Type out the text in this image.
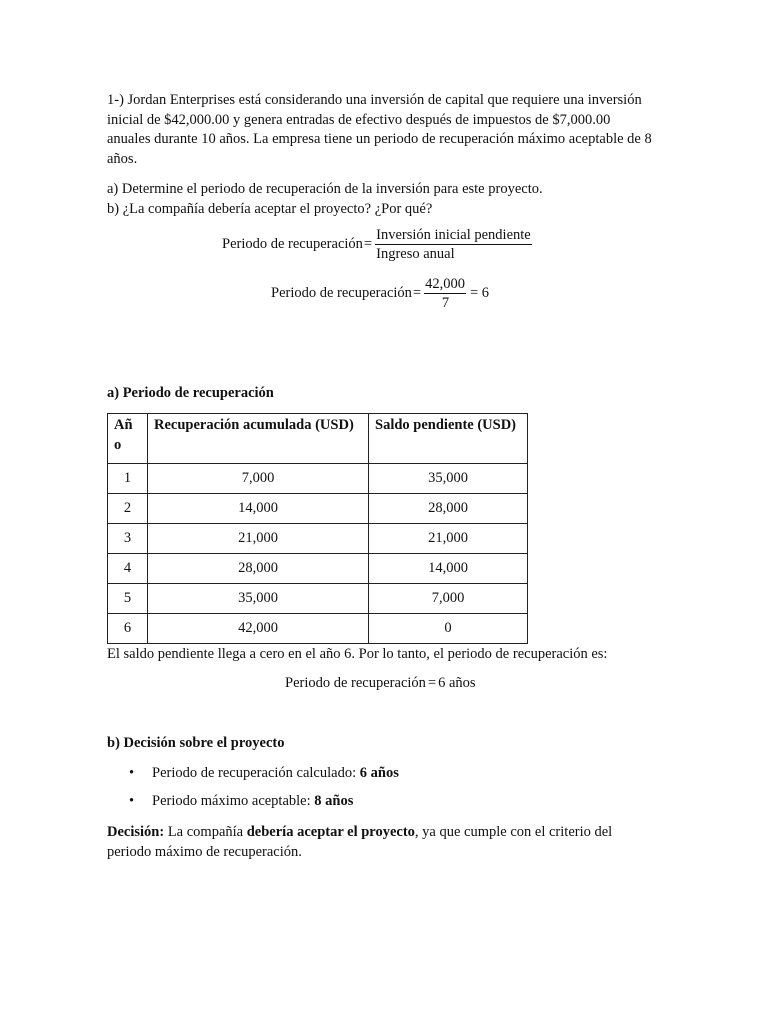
1-) Jordan Enterprises está considerando una inversión de capital que requiere una inversión inicial de $42,000.00 y genera entradas de efectivo después de impuestos de $7,000.00 anuales durante 10 años. La empresa tiene un periodo de recuperación máximo aceptable de 8 años.

a) Determine el periodo de recuperación de la inversión para este proyecto.

b) ¿La compañía debería aceptar el proyecto? ¿Por qué?

Periodo de recuperación = $\frac{\text{Inversión inicial pendiente}}{\text{Ingreso anual}}$
Periodo de recuperación = $\frac{42,000}{7} = 6$
a) Periodo de recuperación
Añ o	Recuperación acumulada (USD)	Saldo pendiente (USD)
1	7,000	35,000
2	14,000	28,000
3	21,000	21,000
4	28,000	14,000
5	35,000	7,000
6	42,000	0

El saldo pendiente llega a cero en el año 6. Por lo tanto, el periodo de recuperación es:

Periodo de recuperación = 6 años
b) Decisión sobre el proyecto
• Periodo de recuperación calculado: 6 años
• Periodo máximo aceptable: 8 años

Decisión: La compañía debería aceptar el proyecto, ya que cumple con el criterio del periodo máximo de recuperación.
